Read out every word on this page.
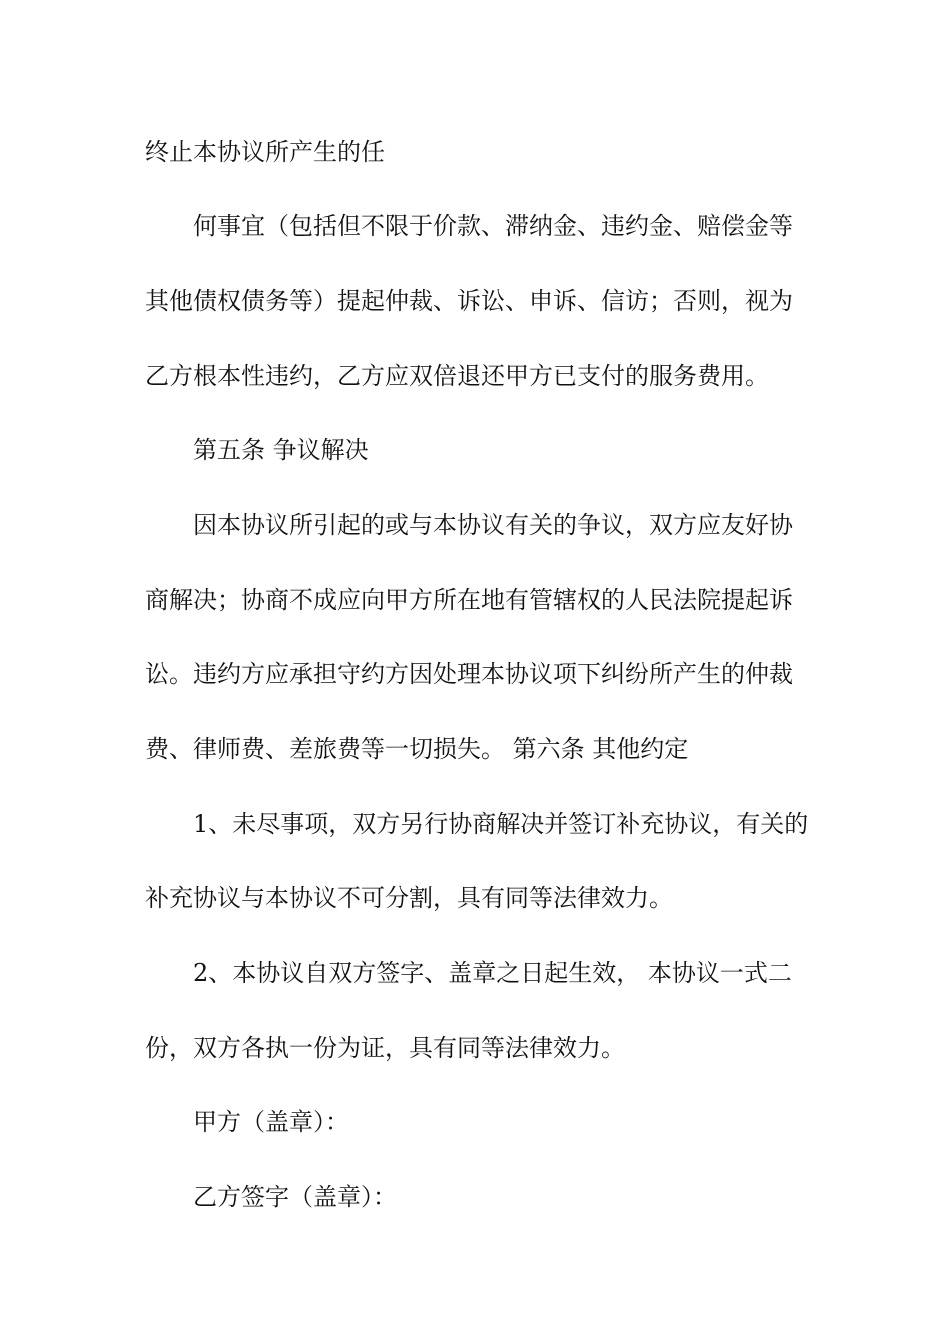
终止本协议所产生的任

何事宜（包括但不限于价款、滞纳金、违约金、赔偿金等

其他债权债务等）提起仲裁、诉讼、申诉、信访；否则，视为

乙方根本性违约，乙方应双倍退还甲方已支付的服务费用。

第五条 争议解决

因本协议所引起的或与本协议有关的争议，双方应友好协

商解决；协商不成应向甲方所在地有管辖权的人民法院提起诉

讼。违约方应承担守约方因处理本协议项下纠纷所产生的仲裁

费、律师费、差旅费等一切损失。 第六条 其他约定

1、未尽事项，双方另行协商解决并签订补充协议，有关的

补充协议与本协议不可分割，具有同等法律效力。

2、本协议自双方签字、盖章之日起生效， 本协议一式二

份，双方各执一份为证，具有同等法律效力。

甲方（盖章）：

乙方签字（盖章）：
